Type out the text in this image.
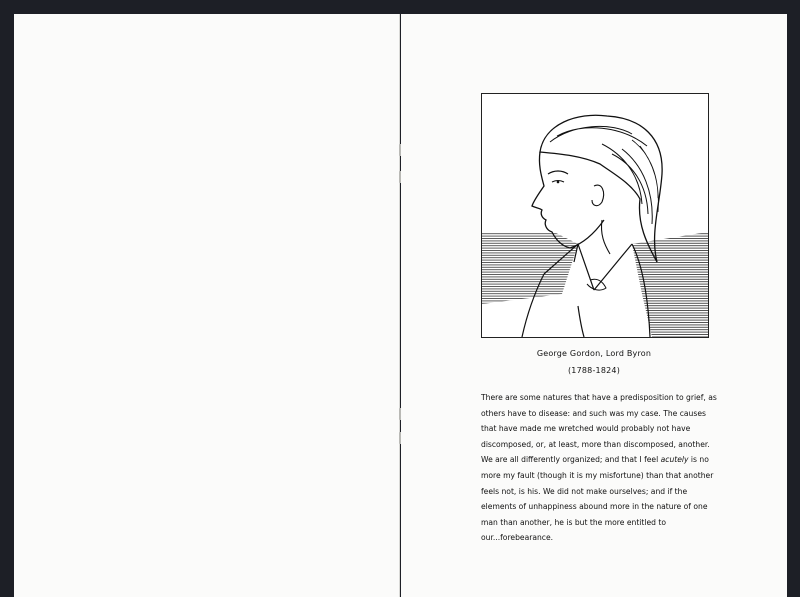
George Gordon, Lord Byron
(1788-1824)

There are some natures that have a predisposition to grief, as others have to disease: and such was my case. The causes that have made me wretched would probably not have discomposed, or, at least, more than discomposed, another. We are all differently organized; and that I feel acutely is no more my fault (though it is my misfortune) than that another feels not, is his. We did not make ourselves; and if the elements of unhappiness abound more in the nature of one man than another, he is but the more entitled to our...forebearance.
